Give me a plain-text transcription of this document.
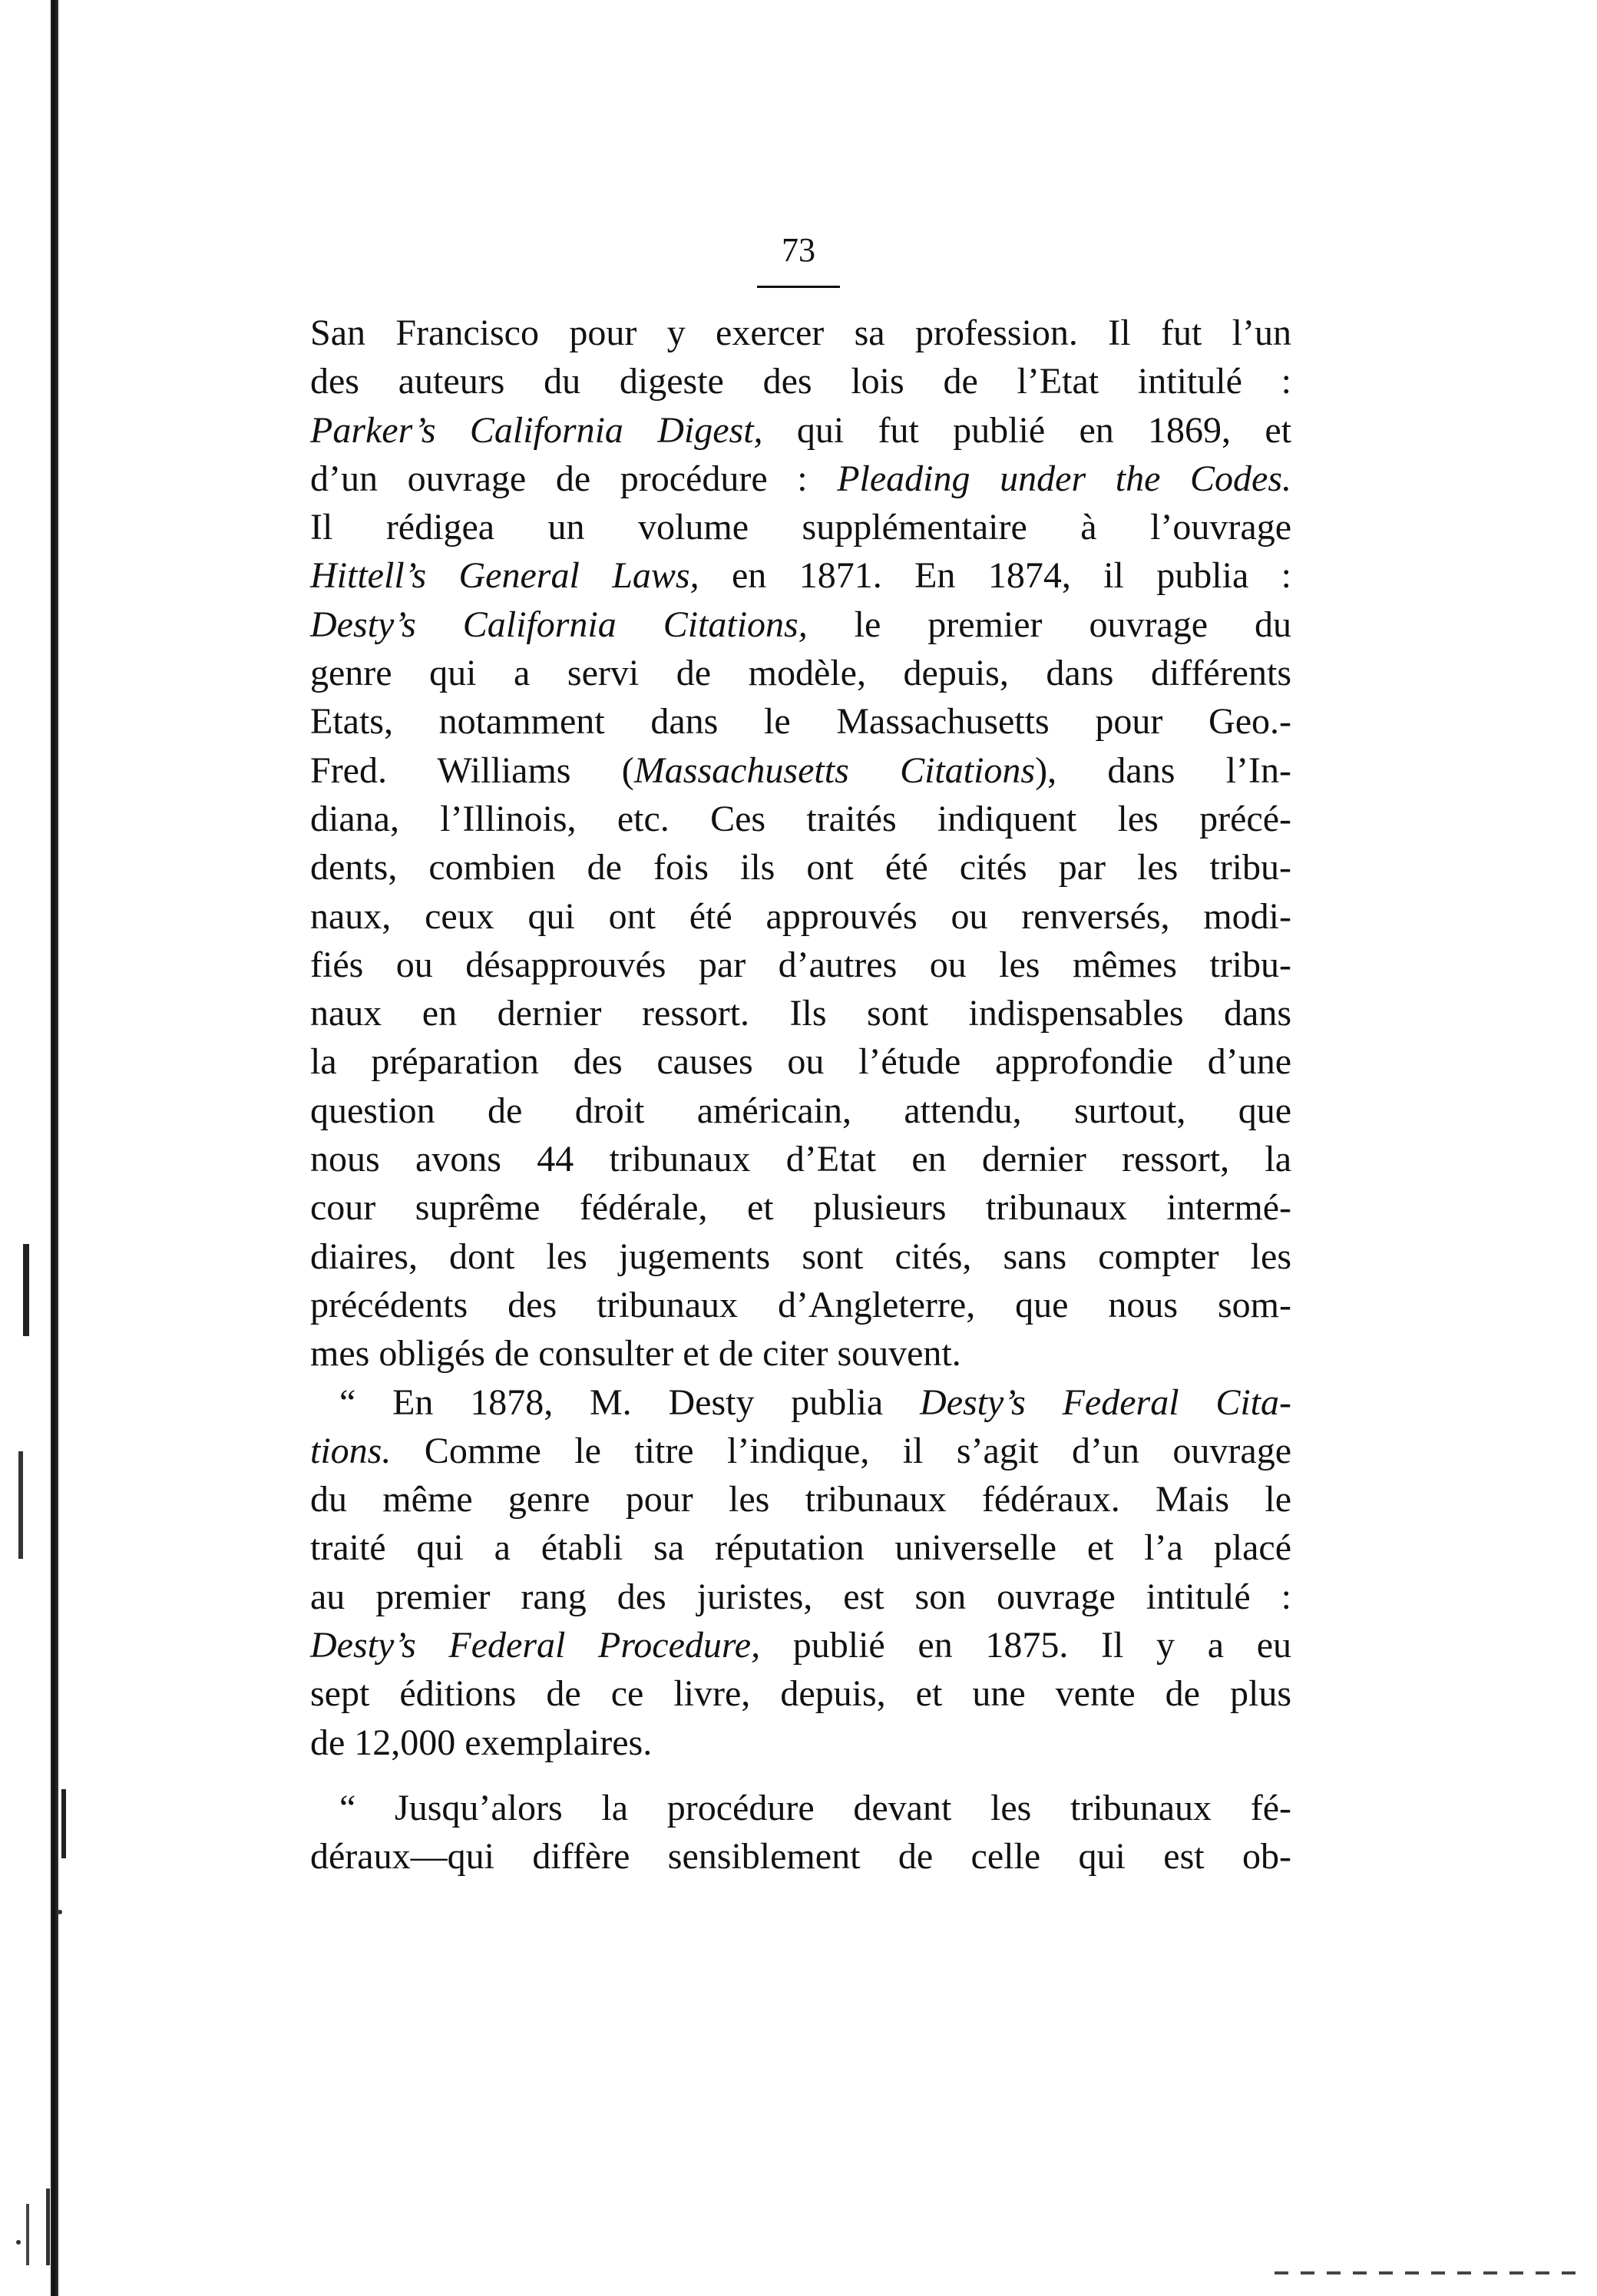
73
San Francisco pour y exercer sa profession. Il fut l’un
des auteurs du digeste des lois de l’Etat intitulé :
Parker’s California Digest, qui fut publié en 1869, et
d’un ouvrage de procédure : Pleading under the Codes.
Il rédigea un volume supplémentaire à l’ouvrage
Hittell’s General Laws, en 1871. En 1874, il publia :
Desty’s California Citations, le premier ouvrage du
genre qui a servi de modèle, depuis, dans différents
Etats, notamment dans le Massachusetts pour Geo.-
Fred. Williams (Massachusetts Citations), dans l’In-
diana, l’Illinois, etc. Ces traités indiquent les précé-
dents, combien de fois ils ont été cités par les tribu-
naux, ceux qui ont été approuvés ou renversés, modi-
fiés ou désapprouvés par d’autres ou les mêmes tribu-
naux en dernier ressort. Ils sont indispensables dans
la préparation des causes ou l’étude approfondie d’une
question de droit américain, attendu, surtout, que
nous avons 44 tribunaux d’Etat en dernier ressort, la
cour suprême fédérale, et plusieurs tribunaux intermé-
diaires, dont les jugements sont cités, sans compter les
précédents des tribunaux d’Angleterre, que nous som-
mes obligés de consulter et de citer souvent.
“ En 1878, M. Desty publia Desty’s Federal Cita-
tions. Comme le titre l’indique, il s’agit d’un ouvrage
du même genre pour les tribunaux fédéraux. Mais le
traité qui a établi sa réputation universelle et l’a placé
au premier rang des juristes, est son ouvrage intitulé :
Desty’s Federal Procedure, publié en 1875. Il y a eu
sept éditions de ce livre, depuis, et une vente de plus
de 12,000 exemplaires.
“ Jusqu’alors la procédure devant les tribunaux fé-
déraux—qui diffère sensiblement de celle qui est ob-
